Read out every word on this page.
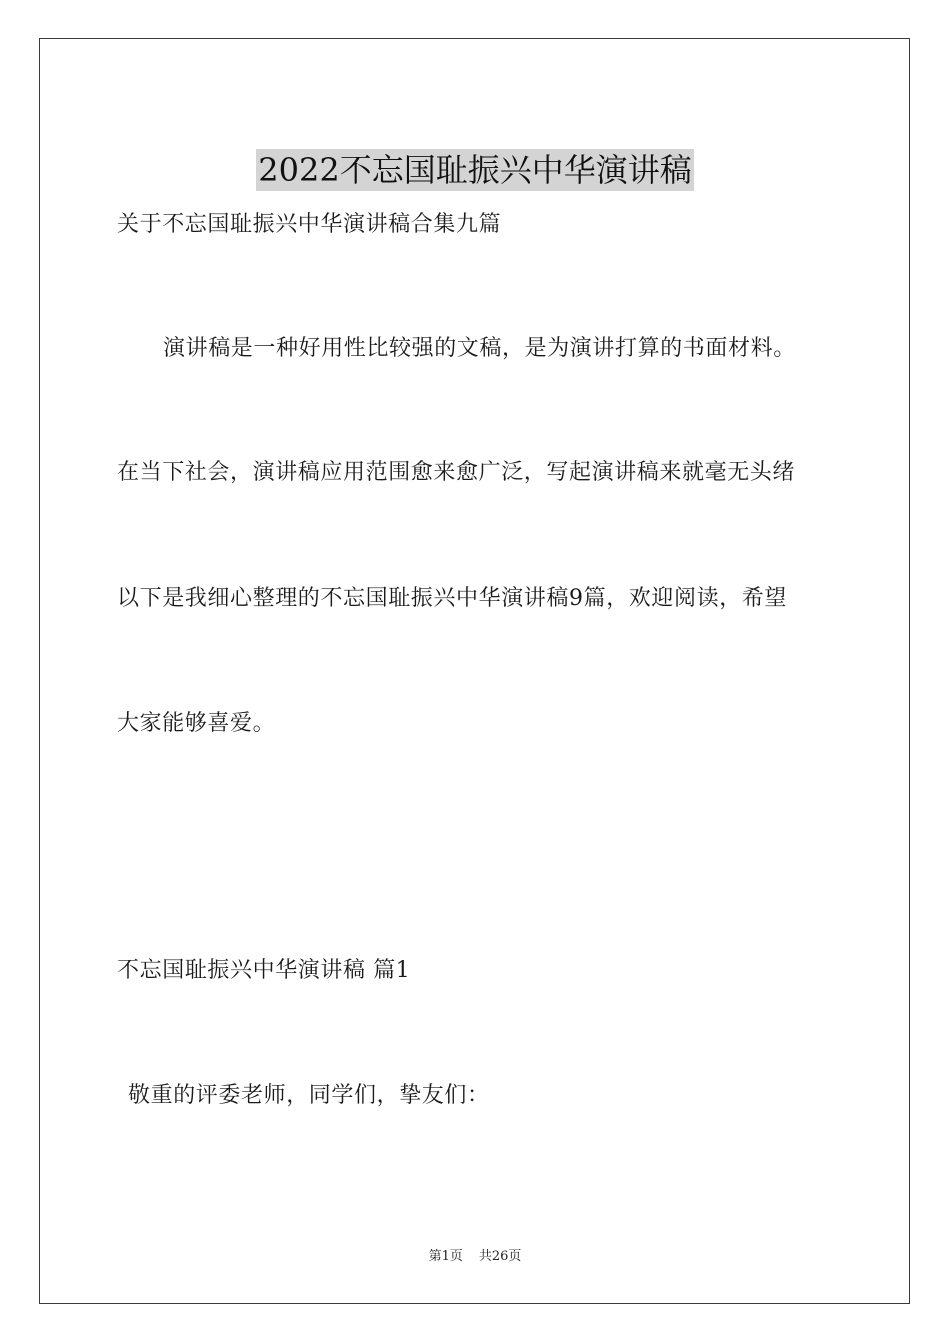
2022不忘国耻振兴中华演讲稿
关于不忘国耻振兴中华演讲稿合集九篇
演讲稿是一种好用性比较强的文稿，是为演讲打算的书面材料。
在当下社会，演讲稿应用范围愈来愈广泛，写起演讲稿来就毫无头绪
以下是我细心整理的不忘国耻振兴中华演讲稿9篇，欢迎阅读，希望
大家能够喜爱。
不忘国耻振兴中华演讲稿 篇1
敬重的评委老师，同学们，挚友们：
第1页 共26页
